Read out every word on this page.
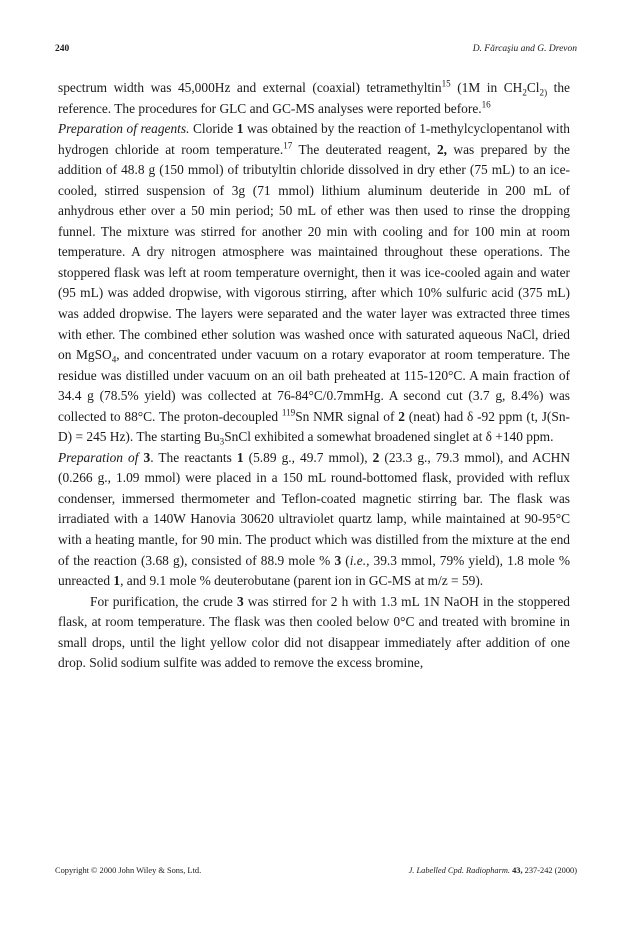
240	D. Fărcaşiu and G. Drevon

spectrum width was 45,000Hz and external (coaxial) tetramethyltin$^{15}$ (1M in $CH_2Cl_{2)}$ the reference. The procedures for GLC and GC-MS analyses were reported before.$^{16}$

Preparation of reagents. Cloride 1 was obtained by the reaction of 1-methylcyclopentanol with hydrogen chloride at room temperature.$^{17}$ The deuterated reagent, 2, was prepared by the addition of 48.8 g (150 mmol) of tributyltin chloride dissolved in dry ether (75 mL) to an ice-cooled, stirred suspension of 3g (71 mmol) lithium aluminum deuteride in 200 mL of anhydrous ether over a 50 min period; 50 mL of ether was then used to rinse the dropping funnel. The mixture was stirred for another 20 min with cooling and for 100 min at room temperature. A dry nitrogen atmosphere was maintained throughout these operations. The stoppered flask was left at room temperature overnight, then it was ice-cooled again and water (95 mL) was added dropwise, with vigorous stirring, after which 10% sulfuric acid (375 mL) was added dropwise. The layers were separated and the water layer was extracted three times with ether. The combined ether solution was washed once with saturated aqueous NaCl, dried on MgSO$_4$, and concentrated under vacuum on a rotary evaporator at room temperature. The residue was distilled under vacuum on an oil bath preheated at 115-120°C. A main fraction of 34.4 g (78.5% yield) was collected at 76-84°C/0.7mmHg. A second cut (3.7 g, 8.4%) was collected to 88°C. The proton-decoupled $^{119}$Sn NMR signal of 2 (neat) had δ -92 ppm (t, J(Sn-D) = 245 Hz). The starting $Bu_3SnCl$ exhibited a somewhat broadened singlet at δ +140 ppm.

Preparation of 3. The reactants 1 (5.89 g., 49.7 mmol), 2 (23.3 g., 79.3 mmol), and ACHN (0.266 g., 1.09 mmol) were placed in a 150 mL round-bottomed flask, provided with reflux condenser, immersed thermometer and Teflon-coated magnetic stirring bar. The flask was irradiated with a 140W Hanovia 30620 ultraviolet quartz lamp, while maintained at 90-95°C with a heating mantle, for 90 min. The product which was distilled from the mixture at the end of the reaction (3.68 g), consisted of 88.9 mole % 3 (i.e., 39.3 mmol, 79% yield), 1.8 mole % unreacted 1, and 9.1 mole % deuterobutane (parent ion in GC-MS at m/z = 59).

For purification, the crude 3 was stirred for 2 h with 1.3 mL 1N NaOH in the stoppered flask, at room temperature. The flask was then cooled below 0°C and treated with bromine in small drops, until the light yellow color did not disappear immediately after addition of one drop. Solid sodium sulfite was added to remove the excess bromine,

Copyright © 2000 John Wiley & Sons, Ltd.	J. Labelled Cpd. Radiopharm. 43, 237-242 (2000)
